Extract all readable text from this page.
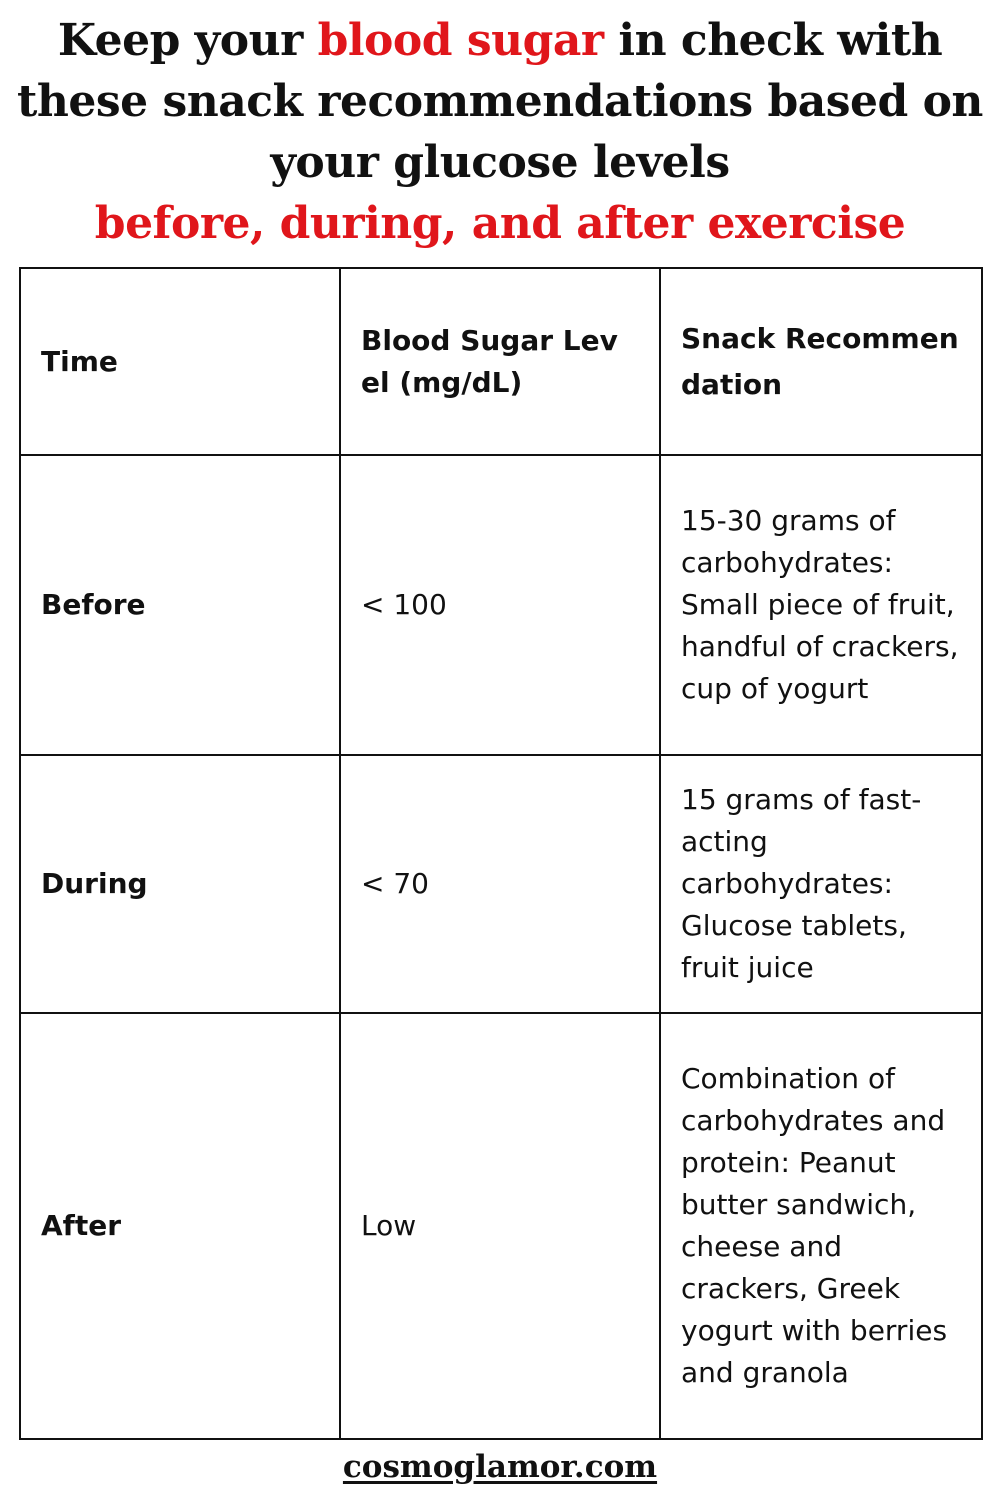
Keep your blood sugar in check with
these snack recommendations based on
your glucose levels
before, during, and after exercise
Time	Blood Sugar Level (mg/dL)	Snack Recommendation
Before	< 100	15-30 grams of carbohydrates: Small piece of fruit, handful of crackers, cup of yogurt
During	< 70	15 grams of fast-acting carbohydrates: Glucose tablets, fruit juice
After	Low	Combination of carbohydrates and protein: Peanut butter sandwich, cheese and crackers, Greek yogurt with berries and granola
cosmoglamor.com
